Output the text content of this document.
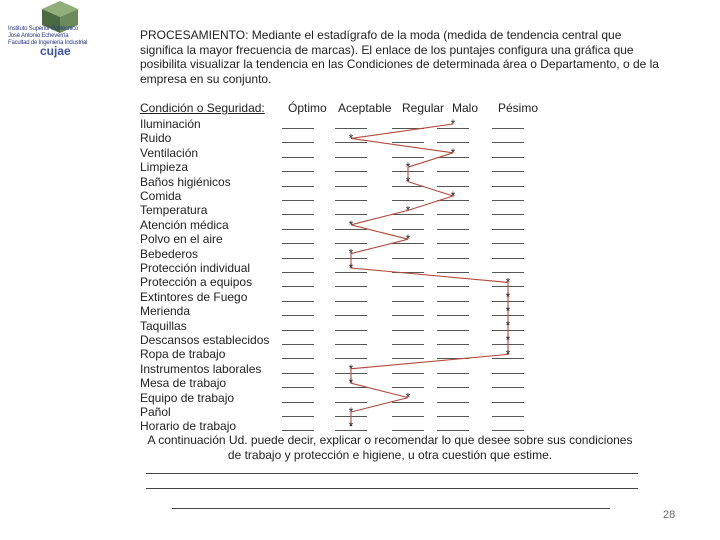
Instituto Superior Politécnico
José Antonio Echeverría
Facultad de Ingeniería Industrial
cujae
PROCESAMIENTO: Mediante el estadígrafo de la moda (medida de tendencia central que significa la mayor frecuencia de marcas). El enlace de los puntajes configura una gráfica que posibilita visualizar la tendencia en las Condiciones de determinada área o Departamento, o de la empresa en su conjunto.
Condición o Seguridad: Óptimo Aceptable Regular Malo Pésimo
Iluminación
Ruido
Ventilación
Limpieza
Baños higiénicos
Comida
Temperatura
Atención médica
Polvo en el aire
Bebederos
Protección individual
Protección a equipos
Extintores de Fuego
Merienda
Taquillas
Descansos establecidos
Ropa de trabajo
Instrumentos laborales
Mesa de trabajo
Equipo de trabajo
Pañol
Horario de trabajo
*
*
*
*
*
*
*
*
*
*
*
*
*
*
*
*
*
*
*
*
*
*
A continuación Ud. puede decir, explicar o recomendar lo que desee sobre sus condiciones de trabajo y protección e higiene, u otra cuestión que estime.
28
